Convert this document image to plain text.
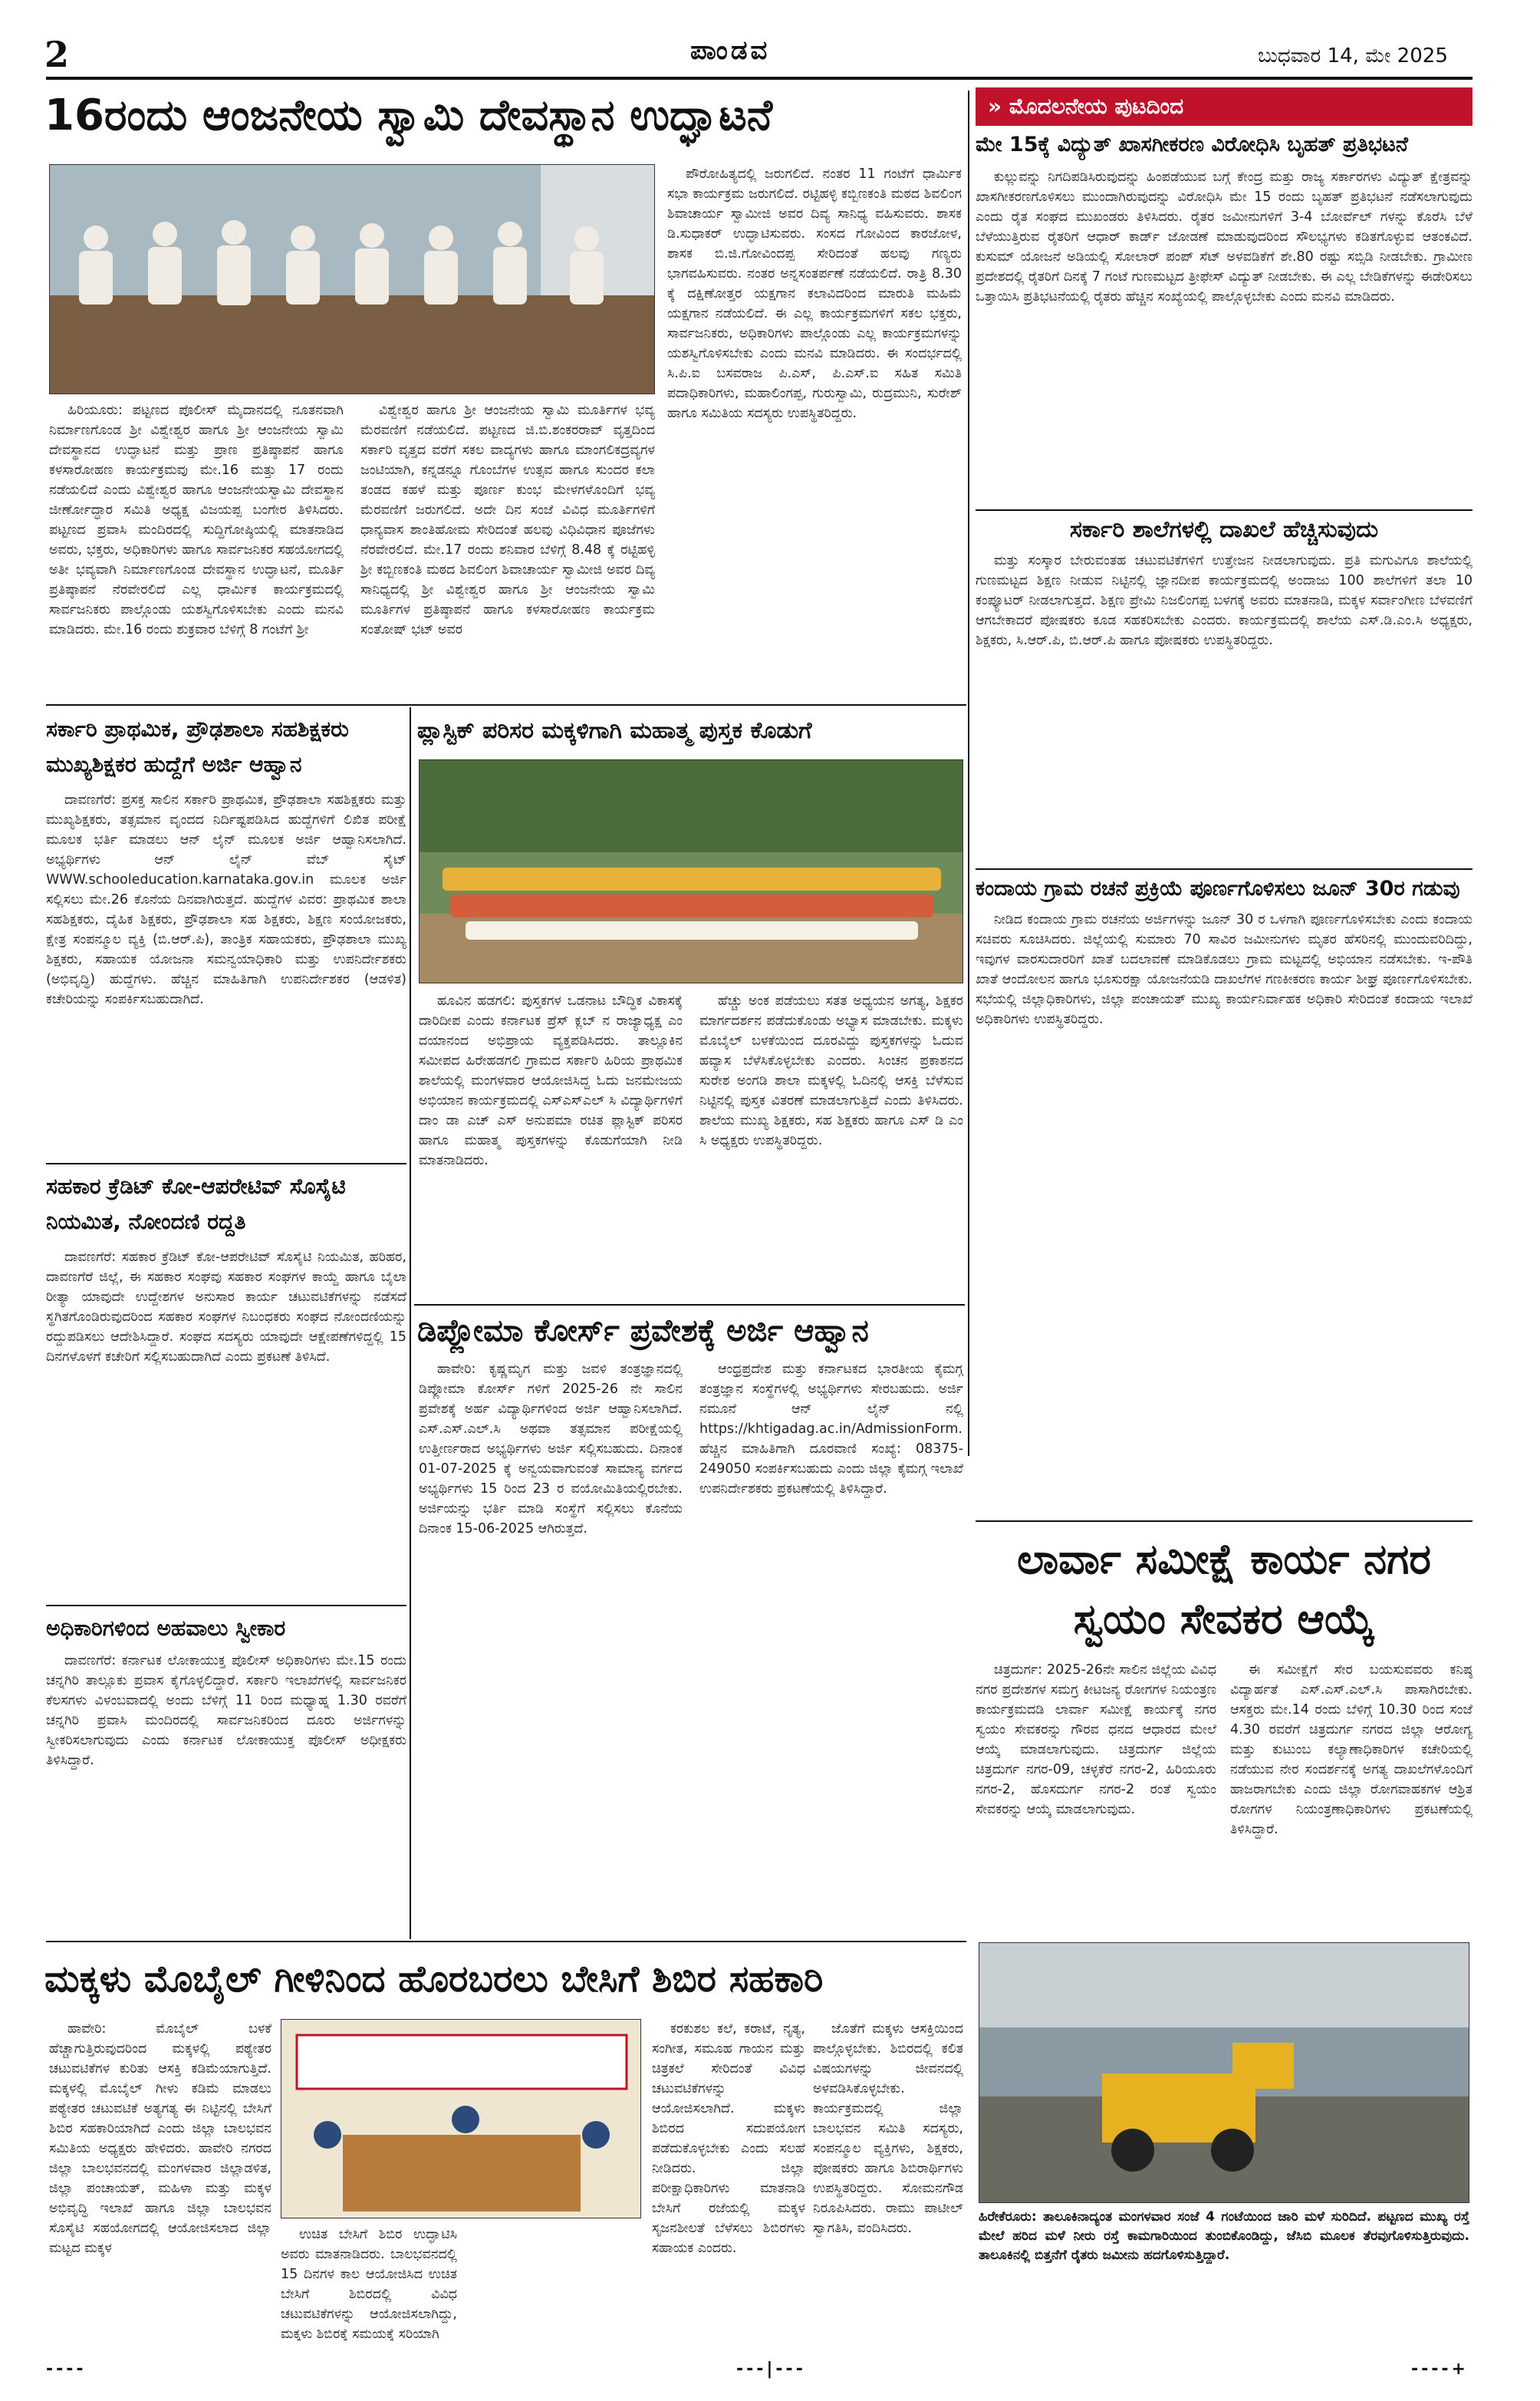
2	ಪಾಂಡವ	ಬುಧವಾರ 14, ಮೇ 2025
16ರಂದು ಆಂಜನೇಯ ಸ್ವಾಮಿ ದೇವಸ್ಥಾನ ಉದ್ಘಾಟನೆ

ಹಿರಿಯೂರು: ಪಟ್ಟಣದ ಪೊಲೀಸ್ ಮೈದಾನದಲ್ಲಿ ನೂತನವಾಗಿ ನಿರ್ಮಾಣಗೊಂಡ ಶ್ರೀ ವಿಶ್ವೇಶ್ವರ ಹಾಗೂ ಶ್ರೀ ಆಂಜನೇಯ ಸ್ವಾಮಿ ದೇವಸ್ಥಾನದ ಉದ್ಘಾಟನೆ ಮತ್ತು ಪ್ರಾಣ ಪ್ರತಿಷ್ಠಾಪನೆ ಹಾಗೂ ಕಳಸಾರೋಹಣ ಕಾರ್ಯಕ್ರಮವು ಮೇ.16 ಮತ್ತು 17 ರಂದು ನಡೆಯಲಿದೆ ಎಂದು ವಿಶ್ವೇಶ್ವರ ಹಾಗೂ ಆಂಜನೇಯಸ್ವಾಮಿ ದೇವಸ್ಥಾನ ಜೀರ್ಣೋದ್ಧಾರ ಸಮಿತಿ ಅಧ್ಯಕ್ಷ ವಿಜಯಪ್ಪ ಬಂಗೇರ ತಿಳಿಸಿದರು. ಪಟ್ಟಣದ ಪ್ರವಾಸಿ ಮಂದಿರದಲ್ಲಿ ಸುದ್ದಿಗೋಷ್ಠಿಯಲ್ಲಿ ಮಾತನಾಡಿದ ಅವರು, ಭಕ್ತರು, ಅಧಿಕಾರಿಗಳು ಹಾಗೂ ಸಾರ್ವಜನಿಕರ ಸಹಯೋಗದಲ್ಲಿ ಅತೀ ಭವ್ಯವಾಗಿ ನಿರ್ಮಾಣಗೊಂಡ ದೇವಸ್ಥಾನ ಉದ್ಘಾಟನೆ, ಮೂರ್ತಿ ಪ್ರತಿಷ್ಠಾಪನೆ ನೆರವೇರಲಿದೆ ಎಲ್ಲ ಧಾರ್ಮಿಕ ಕಾರ್ಯಕ್ರಮದಲ್ಲಿ ಸಾರ್ವಜನಿಕರು ಪಾಲ್ಗೊಂಡು ಯಶಸ್ವಿಗೊಳಿಸಬೇಕು ಎಂದು ಮನವಿ ಮಾಡಿದರು. ಮೇ.16 ರಂದು ಶುಕ್ರವಾರ ಬೆಳಿಗ್ಗೆ 8 ಗಂಟೆಗೆ ಶ್ರೀ

ವಿಶ್ವೇಶ್ವರ ಹಾಗೂ ಶ್ರೀ ಆಂಜನೇಯ ಸ್ವಾಮಿ ಮೂರ್ತಿಗಳ ಭವ್ಯ ಮೆರವಣಿಗೆ ನಡೆಯಲಿದೆ. ಪಟ್ಟಣದ ಜಿ.ಬಿ.ಶಂಕರರಾವ್ ವೃತ್ತದಿಂದ ಸರ್ಕಾರಿ ವೃತ್ತದ ವರೆಗೆ ಸಕಲ ವಾದ್ಯಗಳು ಹಾಗೂ ಮಾಂಗಲಿಕದ್ರವ್ಯಗಳ ಜಂಟಿಯಾಗಿ, ಕನ್ನಡನ್ನೂ ಗೊಂಬೆಗಳ ಉತ್ಸವ ಹಾಗೂ ಸುಂದರ ಕಲಾ ತಂಡದ ಕಹಳೆ ಮತ್ತು ಪೂರ್ಣ ಕುಂಭ ಮೇಳಗಳೊಂದಿಗೆ ಭವ್ಯ ಮೆರವಣಿಗೆ ಜರುಗಲಿದೆ. ಅದೇ ದಿನ ಸಂಜೆ ವಿವಿಧ ಮೂರ್ತಿಗಳಿಗೆ ಧಾನ್ಯವಾಸ ಶಾಂತಿಹೋಮ ಸೇರಿದಂತೆ ಹಲವು ವಿಧಿವಿಧಾನ ಪೂಜೆಗಳು ನೆರವೇರಲಿದೆ. ಮೇ.17 ರಂದು ಶನಿವಾರ ಬೆಳಿಗ್ಗೆ 8.48 ಕ್ಕೆ ರಟ್ಟಿಹಳ್ಳಿ ಶ್ರೀ ಕಬ್ಬಿಣಕಂತಿ ಮಠದ ಶಿವಲಿಂಗ ಶಿವಾಚಾರ್ಯ ಸ್ವಾಮೀಜಿ ಅವರ ದಿವ್ಯ ಸಾನಿಧ್ಯದಲ್ಲಿ ಶ್ರೀ ವಿಶ್ವೇಶ್ವರ ಹಾಗೂ ಶ್ರೀ ಆಂಜನೇಯ ಸ್ವಾಮಿ ಮೂರ್ತಿಗಳ ಪ್ರತಿಷ್ಠಾಪನೆ ಹಾಗೂ ಕಳಸಾರೋಹಣ ಕಾರ್ಯಕ್ರಮ ಸಂತೋಷ್ ಭಟ್ ಅವರ

ಪೌರೋಹಿತ್ಯದಲ್ಲಿ ಜರುಗಲಿದೆ. ನಂತರ 11 ಗಂಟೆಗೆ ಧಾರ್ಮಿಕ ಸಭಾ ಕಾರ್ಯಕ್ರಮ ಜರುಗಲಿದೆ. ರಟ್ಟಿಹಳ್ಳಿ ಕಬ್ಬಿಣಕಂತಿ ಮಠದ ಶಿವಲಿಂಗ ಶಿವಾಚಾರ್ಯ ಸ್ವಾಮೀಜಿ ಅವರ ದಿವ್ಯ ಸಾನಿಧ್ಯ ವಹಿಸುವರು. ಶಾಸಕ ಡಿ.ಸುಧಾಕರ್ ಉದ್ಘಾಟಿಸುವರು. ಸಂಸದ ಗೋವಿಂದ ಕಾರಜೋಳ, ಶಾಸಕ ಬಿ.ಜಿ.ಗೋವಿಂದಪ್ಪ ಸೇರಿದಂತೆ ಹಲವು ಗಣ್ಯರು ಭಾಗವಹಿಸುವರು. ನಂತರ ಅನ್ನಸಂತರ್ಪಣೆ ನಡೆಯಲಿದೆ. ರಾತ್ರಿ 8.30 ಕ್ಕೆ ದಕ್ಷಿಣೋತ್ತರ ಯಕ್ಷಗಾನ ಕಲಾವಿದರಿಂದ ಮಾರುತಿ ಮಹಿಮೆ ಯಕ್ಷಗಾನ ನಡೆಯಲಿದೆ. ಈ ಎಲ್ಲ ಕಾರ್ಯಕ್ರಮಗಳಿಗೆ ಸಕಲ ಭಕ್ತರು, ಸಾರ್ವಜನಿಕರು, ಅಧಿಕಾರಿಗಳು ಪಾಲ್ಗೊಂಡು ಎಲ್ಲ ಕಾರ್ಯಕ್ರಮಗಳನ್ನು ಯಶಸ್ವಿಗೊಳಿಸಬೇಕು ಎಂದು ಮನವಿ ಮಾಡಿದರು. ಈ ಸಂದರ್ಭದಲ್ಲಿ ಸಿ.ಪಿ.ಐ ಬಸವರಾಜ ಪಿ.ಎಸ್, ಪಿ.ಎಸ್.ಐ ಸಹಿತ ಸಮಿತಿ ಪದಾಧಿಕಾರಿಗಳು, ಮಹಾಲಿಂಗಪ್ಪ, ಗುರುಸ್ವಾಮಿ, ರುದ್ರಮುನಿ, ಸುರೇಶ್ ಹಾಗೂ ಸಮಿತಿಯ ಸದಸ್ಯರು ಉಪಸ್ಥಿತರಿದ್ದರು.

ಸರ್ಕಾರಿ ಪ್ರಾಥಮಿಕ, ಪ್ರೌಢಶಾಲಾ ಸಹಶಿಕ್ಷಕರು ಮುಖ್ಯಶಿಕ್ಷಕರ ಹುದ್ದೆಗೆ ಅರ್ಜಿ ಆಹ್ವಾನ

ದಾವಣಗೆರೆ: ಪ್ರಸಕ್ತ ಸಾಲಿನ ಸರ್ಕಾರಿ ಪ್ರಾಥಮಿಕ, ಪ್ರೌಢಶಾಲಾ ಸಹಶಿಕ್ಷಕರು ಮತ್ತು ಮುಖ್ಯಶಿಕ್ಷಕರು, ತತ್ಸಮಾನ ವೃಂದದ ನಿರ್ದಿಷ್ಟಪಡಿಸಿದ ಹುದ್ದೆಗಳಿಗೆ ಲಿಖಿತ ಪರೀಕ್ಷೆ ಮೂಲಕ ಭರ್ತಿ ಮಾಡಲು ಆನ್ ಲೈನ್ ಮೂಲಕ ಅರ್ಜಿ ಆಹ್ವಾನಿಸಲಾಗಿದೆ. ಅಭ್ಯರ್ಥಿಗಳು ಆನ್ ಲೈನ್ ವೆಬ್ ಸೈಟ್ WWW.schooleducation.karnataka.gov.in ಮೂಲಕ ಅರ್ಜಿ ಸಲ್ಲಿಸಲು ಮೇ.26 ಕೊನೆಯ ದಿನವಾಗಿರುತ್ತದೆ. ಹುದ್ದೆಗಳ ವಿವರ: ಪ್ರಾಥಮಿಕ ಶಾಲಾ ಸಹಶಿಕ್ಷಕರು, ದೈಹಿಕ ಶಿಕ್ಷಕರು, ಪ್ರೌಢಶಾಲಾ ಸಹ ಶಿಕ್ಷಕರು, ಶಿಕ್ಷಣ ಸಂಯೋಜಕರು, ಕ್ಷೇತ್ರ ಸಂಪನ್ಮೂಲ ವ್ಯಕ್ತಿ (ಬಿ.ಆರ್.ಪಿ), ತಾಂತ್ರಿಕ ಸಹಾಯಕರು, ಪ್ರೌಢಶಾಲಾ ಮುಖ್ಯ ಶಿಕ್ಷಕರು, ಸಹಾಯಕ ಯೋಜನಾ ಸಮನ್ವಯಾಧಿಕಾರಿ ಮತ್ತು ಉಪನಿರ್ದೇಶಕರು (ಅಭಿವೃದ್ಧಿ) ಹುದ್ದೆಗಳು. ಹೆಚ್ಚಿನ ಮಾಹಿತಿಗಾಗಿ ಉಪನಿರ್ದೇಶಕರ (ಆಡಳಿತ) ಕಚೇರಿಯನ್ನು ಸಂಪರ್ಕಿಸಬಹುದಾಗಿದೆ.

ಸಹಕಾರ ಕ್ರೆಡಿಟ್ ಕೋ-ಆಪರೇಟಿವ್ ಸೊಸೈಟಿ ನಿಯಮಿತ, ನೋಂದಣಿ ರದ್ದತಿ

ದಾವಣಗೆರೆ: ಸಹಕಾರ ಕ್ರೆಡಿಟ್ ಕೋ-ಆಪರೇಟಿವ್ ಸೊಸೈಟಿ ನಿಯಮಿತ, ಹರಿಹರ, ದಾವಣಗೆರೆ ಜಿಲ್ಲೆ, ಈ ಸಹಕಾರ ಸಂಘವು ಸಹಕಾರ ಸಂಘಗಳ ಕಾಯ್ದೆ ಹಾಗೂ ಬೈಲಾ ರೀತ್ಯಾ ಯಾವುದೇ ಉದ್ದೇಶಗಳ ಅನುಸಾರ ಕಾರ್ಯ ಚಟುವಟಿಕೆಗಳನ್ನು ನಡೆಸದೆ ಸ್ಥಗಿತಗೊಂಡಿರುವುದರಿಂದ ಸಹಕಾರ ಸಂಘಗಳ ನಿಬಂಧಕರು ಸಂಘದ ನೋಂದಣಿಯನ್ನು ರದ್ದುಪಡಿಸಲು ಆದೇಶಿಸಿದ್ದಾರೆ. ಸಂಘದ ಸದಸ್ಯರು ಯಾವುದೇ ಆಕ್ಷೇಪಣೆಗಳಿದ್ದಲ್ಲಿ 15 ದಿನಗಳೊಳಗೆ ಕಚೇರಿಗೆ ಸಲ್ಲಿಸಬಹುದಾಗಿದೆ ಎಂದು ಪ್ರಕಟಣೆ ತಿಳಿಸಿದೆ.

ಅಧಿಕಾರಿಗಳಿಂದ ಅಹವಾಲು ಸ್ವೀಕಾರ

ದಾವಣಗೆರೆ: ಕರ್ನಾಟಕ ಲೋಕಾಯುಕ್ತ ಪೊಲೀಸ್ ಅಧಿಕಾರಿಗಳು ಮೇ.15 ರಂದು ಚನ್ನಗಿರಿ ತಾಲ್ಲೂಕು ಪ್ರವಾಸ ಕೈಗೊಳ್ಳಲಿದ್ದಾರೆ. ಸರ್ಕಾರಿ ಇಲಾಖೆಗಳಲ್ಲಿ ಸಾರ್ವಜನಿಕರ ಕೆಲಸಗಳು ವಿಳಂಬವಾದಲ್ಲಿ ಅಂದು ಬೆಳಿಗ್ಗೆ 11 ರಿಂದ ಮಧ್ಯಾಹ್ನ 1.30 ರವರೆಗೆ ಚನ್ನಗಿರಿ ಪ್ರವಾಸಿ ಮಂದಿರದಲ್ಲಿ ಸಾರ್ವಜನಿಕರಿಂದ ದೂರು ಅರ್ಜಿಗಳನ್ನು ಸ್ವೀಕರಿಸಲಾಗುವುದು ಎಂದು ಕರ್ನಾಟಕ ಲೋಕಾಯುಕ್ತ ಪೊಲೀಸ್ ಅಧೀಕ್ಷಕರು ತಿಳಿಸಿದ್ದಾರೆ.

ಪ್ಲಾಸ್ಟಿಕ್ ಪರಿಸರ ಮಕ್ಕಳಿಗಾಗಿ ಮಹಾತ್ಮ ಪುಸ್ತಕ ಕೊಡುಗೆ

ಹೂವಿನ ಹಡಗಲಿ: ಪುಸ್ತಕಗಳ ಒಡನಾಟ ಬೌದ್ಧಿಕ ವಿಕಾಸಕ್ಕೆ ದಾರಿದೀಪ ಎಂದು ಕರ್ನಾಟಕ ಪ್ರೆಸ್ ಕ್ಲಬ್ ನ ರಾಜ್ಯಾಧ್ಯಕ್ಷ ಎಂ ದಯಾನಂದ ಅಭಿಪ್ರಾಯ ವ್ಯಕ್ತಪಡಿಸಿದರು. ತಾಲ್ಲೂಕಿನ ಸಮೀಪದ ಹಿರೇಹಡಗಲಿ ಗ್ರಾಮದ ಸರ್ಕಾರಿ ಹಿರಿಯ ಪ್ರಾಥಮಿಕ ಶಾಲೆಯಲ್ಲಿ ಮಂಗಳವಾರ ಆಯೋಜಿಸಿದ್ದ ಓದು ಜನಮೇಜಯ ಅಭಿಯಾನ ಕಾರ್ಯಕ್ರಮದಲ್ಲಿ ಎಸ್ಎಸ್ಎಲ್ ಸಿ ವಿದ್ಯಾರ್ಥಿಗಳಿಗೆ ದಾಂ ಡಾ ಎಚ್ ಎಸ್ ಅನುಪಮಾ ರಚಿತ ಪ್ಲಾಸ್ಟಿಕ್ ಪರಿಸರ ಹಾಗೂ ಮಹಾತ್ಮ ಪುಸ್ತಕಗಳನ್ನು ಕೊಡುಗೆಯಾಗಿ ನೀಡಿ ಮಾತನಾಡಿದರು.

ಹೆಚ್ಚು ಅಂಕ ಪಡೆಯಲು ಸತತ ಅಧ್ಯಯನ ಅಗತ್ಯ, ಶಿಕ್ಷಕರ ಮಾರ್ಗದರ್ಶನ ಪಡೆದುಕೊಂಡು ಅಭ್ಯಾಸ ಮಾಡಬೇಕು. ಮಕ್ಕಳು ಮೊಬೈಲ್ ಬಳಕೆಯಿಂದ ದೂರವಿದ್ದು ಪುಸ್ತಕಗಳನ್ನು ಓದುವ ಹವ್ಯಾಸ ಬೆಳೆಸಿಕೊಳ್ಳಬೇಕು ಎಂದರು. ಸಿಂಚನ ಪ್ರಕಾಶನದ ಸುರೇಶ ಅಂಗಡಿ ಶಾಲಾ ಮಕ್ಕಳಲ್ಲಿ ಓದಿನಲ್ಲಿ ಆಸಕ್ತಿ ಬೆಳೆಸುವ ನಿಟ್ಟಿನಲ್ಲಿ ಪುಸ್ತಕ ವಿತರಣೆ ಮಾಡಲಾಗುತ್ತಿದೆ ಎಂದು ತಿಳಿಸಿದರು. ಶಾಲೆಯ ಮುಖ್ಯ ಶಿಕ್ಷಕರು, ಸಹ ಶಿಕ್ಷಕರು ಹಾಗೂ ಎಸ್ ಡಿ ಎಂ ಸಿ ಅಧ್ಯಕ್ಷರು ಉಪಸ್ಥಿತರಿದ್ದರು.

ಡಿಪ್ಲೋಮಾ ಕೋರ್ಸ್ ಪ್ರವೇಶಕ್ಕೆ ಅರ್ಜಿ ಆಹ್ವಾನ

ಹಾವೇರಿ: ಕೃಷ್ಣಮೃಗ ಮತ್ತು ಜವಳಿ ತಂತ್ರಜ್ಞಾನದಲ್ಲಿ ಡಿಪ್ಲೋಮಾ ಕೋರ್ಸ್ ಗಳಿಗೆ 2025-26 ನೇ ಸಾಲಿನ ಪ್ರವೇಶಕ್ಕೆ ಅರ್ಹ ವಿದ್ಯಾರ್ಥಿಗಳಿಂದ ಅರ್ಜಿ ಆಹ್ವಾನಿಸಲಾಗಿದೆ. ಎಸ್.ಎಸ್.ಎಲ್.ಸಿ ಅಥವಾ ತತ್ಸಮಾನ ಪರೀಕ್ಷೆಯಲ್ಲಿ ಉತ್ತೀರ್ಣರಾದ ಅಭ್ಯರ್ಥಿಗಳು ಅರ್ಜಿ ಸಲ್ಲಿಸಬಹುದು. ದಿನಾಂಕ 01-07-2025 ಕ್ಕೆ ಅನ್ವಯವಾಗುವಂತೆ ಸಾಮಾನ್ಯ ವರ್ಗದ ಅಭ್ಯರ್ಥಿಗಳು 15 ರಿಂದ 23 ರ ವಯೋಮಿತಿಯಲ್ಲಿರಬೇಕು. ಅರ್ಜಿಯನ್ನು ಭರ್ತಿ ಮಾಡಿ ಸಂಸ್ಥೆಗೆ ಸಲ್ಲಿಸಲು ಕೊನೆಯ ದಿನಾಂಕ 15-06-2025 ಆಗಿರುತ್ತದೆ.

ಆಂಧ್ರಪ್ರದೇಶ ಮತ್ತು ಕರ್ನಾಟಕದ ಭಾರತೀಯ ಕೈಮಗ್ಗ ತಂತ್ರಜ್ಞಾನ ಸಂಸ್ಥೆಗಳಲ್ಲಿ ಅಭ್ಯರ್ಥಿಗಳು ಸೇರಬಹುದು. ಅರ್ಜಿ ನಮೂನೆ ಆನ್ ಲೈನ್ ನಲ್ಲಿ https://khtigadag.ac.in/AdmissionForm. ಹೆಚ್ಚಿನ ಮಾಹಿತಿಗಾಗಿ ದೂರವಾಣಿ ಸಂಖ್ಯೆ: 08375-249050 ಸಂಪರ್ಕಿಸಬಹುದು ಎಂದು ಜಿಲ್ಲಾ ಕೈಮಗ್ಗ ಇಲಾಖೆ ಉಪನಿರ್ದೇಶಕರು ಪ್ರಕಟಣೆಯಲ್ಲಿ ತಿಳಿಸಿದ್ದಾರೆ.

» ಮೊದಲನೇಯ ಪುಟದಿಂದ
ಮೇ 15ಕ್ಕೆ ವಿದ್ಯುತ್ ಖಾಸಗೀಕರಣ ವಿರೋಧಿಸಿ ಬೃಹತ್ ಪ್ರತಿಭಟನೆ

ಕುಲ್ಲುವನ್ನು ನಿಗದಿಪಡಿಸಿರುವುದನ್ನು ಹಿಂಪಡೆಯುವ ಬಗ್ಗೆ ಕೇಂದ್ರ ಮತ್ತು ರಾಜ್ಯ ಸರ್ಕಾರಗಳು ವಿದ್ಯುತ್ ಕ್ಷೇತ್ರವನ್ನು ಖಾಸಗೀಕರಣಗೊಳಿಸಲು ಮುಂದಾಗಿರುವುದನ್ನು ವಿರೋಧಿಸಿ ಮೇ 15 ರಂದು ಬೃಹತ್ ಪ್ರತಿಭಟನೆ ನಡೆಸಲಾಗುವುದು ಎಂದು ರೈತ ಸಂಘದ ಮುಖಂಡರು ತಿಳಿಸಿದರು. ರೈತರ ಜಮೀನುಗಳಿಗೆ 3-4 ಬೋರ್ವೆಲ್ ಗಳನ್ನು ಕೊರೆಸಿ ಬೆಳೆ ಬೆಳೆಯುತ್ತಿರುವ ರೈತರಿಗೆ ಆಧಾರ್ ಕಾರ್ಡ್ ಜೋಡಣೆ ಮಾಡುವುದರಿಂದ ಸೌಲಭ್ಯಗಳು ಕಡಿತಗೊಳ್ಳುವ ಆತಂಕವಿದೆ. ಕುಸುಮ್ ಯೋಜನೆ ಅಡಿಯಲ್ಲಿ ಸೋಲಾರ್ ಪಂಪ್ ಸೆಟ್ ಅಳವಡಿಕೆಗೆ ಶೇ.80 ರಷ್ಟು ಸಬ್ಸಿಡಿ ನೀಡಬೇಕು. ಗ್ರಾಮೀಣ ಪ್ರದೇಶದಲ್ಲಿ ರೈತರಿಗೆ ದಿನಕ್ಕೆ 7 ಗಂಟೆ ಗುಣಮಟ್ಟದ ತ್ರೀಫೇಸ್ ವಿದ್ಯುತ್ ನೀಡಬೇಕು. ಈ ಎಲ್ಲ ಬೇಡಿಕೆಗಳನ್ನು ಈಡೇರಿಸಲು ಒತ್ತಾಯಿಸಿ ಪ್ರತಿಭಟನೆಯಲ್ಲಿ ರೈತರು ಹೆಚ್ಚಿನ ಸಂಖ್ಯೆಯಲ್ಲಿ ಪಾಲ್ಗೊಳ್ಳಬೇಕು ಎಂದು ಮನವಿ ಮಾಡಿದರು.

ಸರ್ಕಾರಿ ಶಾಲೆಗಳಲ್ಲಿ ದಾಖಲೆ ಹೆಚ್ಚಿಸುವುದು

ಮತ್ತು ಸಂಸ್ಕಾರ ಬೇರುವಂತಹ ಚಟುವಟಿಕೆಗಳಿಗೆ ಉತ್ತೇಜನ ನೀಡಲಾಗುವುದು. ಪ್ರತಿ ಮಗುವಿಗೂ ಶಾಲೆಯಲ್ಲಿ ಗುಣಮಟ್ಟದ ಶಿಕ್ಷಣ ನೀಡುವ ನಿಟ್ಟಿನಲ್ಲಿ ಜ್ಞಾನದೀಪ ಕಾರ್ಯಕ್ರಮದಲ್ಲಿ ಅಂದಾಜು 100 ಶಾಲೆಗಳಿಗೆ ತಲಾ 10 ಕಂಪ್ಯೂಟರ್ ನೀಡಲಾಗುತ್ತದೆ. ಶಿಕ್ಷಣ ಪ್ರೇಮಿ ನಿಜಲಿಂಗಪ್ಪ ಬಳಗಕ್ಕೆ ಅವರು ಮಾತನಾಡಿ, ಮಕ್ಕಳ ಸರ್ವಾಂಗೀಣ ಬೆಳವಣಿಗೆ ಆಗಬೇಕಾದರೆ ಪೋಷಕರು ಕೂಡ ಸಹಕರಿಸಬೇಕು ಎಂದರು. ಕಾರ್ಯಕ್ರಮದಲ್ಲಿ ಶಾಲೆಯ ಎಸ್.ಡಿ.ಎಂ.ಸಿ ಅಧ್ಯಕ್ಷರು, ಶಿಕ್ಷಕರು, ಸಿ.ಆರ್.ಪಿ, ಬಿ.ಆರ್.ಪಿ ಹಾಗೂ ಪೋಷಕರು ಉಪಸ್ಥಿತರಿದ್ದರು.

ಕಂದಾಯ ಗ್ರಾಮ ರಚನೆ ಪ್ರಕ್ರಿಯೆ ಪೂರ್ಣಗೊಳಿಸಲು ಜೂನ್ 30ರ ಗಡುವು

ನೀಡಿದ ಕಂದಾಯ ಗ್ರಾಮ ರಚನೆಯ ಅರ್ಜಿಗಳನ್ನು ಜೂನ್ 30 ರ ಒಳಗಾಗಿ ಪೂರ್ಣಗೊಳಿಸಬೇಕು ಎಂದು ಕಂದಾಯ ಸಚಿವರು ಸೂಚಿಸಿದರು. ಜಿಲ್ಲೆಯಲ್ಲಿ ಸುಮಾರು 70 ಸಾವಿರ ಜಮೀನುಗಳು ಮೃತರ ಹೆಸರಿನಲ್ಲಿ ಮುಂದುವರಿದಿದ್ದು, ಇವುಗಳ ವಾರಸುದಾರರಿಗೆ ಖಾತೆ ಬದಲಾವಣೆ ಮಾಡಿಕೊಡಲು ಗ್ರಾಮ ಮಟ್ಟದಲ್ಲಿ ಅಭಿಯಾನ ನಡೆಸಬೇಕು. ಇ-ಪೌತಿ ಖಾತೆ ಆಂದೋಲನ ಹಾಗೂ ಭೂಸುರಕ್ಷಾ ಯೋಜನೆಯಡಿ ದಾಖಲೆಗಳ ಗಣಕೀಕರಣ ಕಾರ್ಯ ಶೀಘ್ರ ಪೂರ್ಣಗೊಳಿಸಬೇಕು. ಸಭೆಯಲ್ಲಿ ಜಿಲ್ಲಾಧಿಕಾರಿಗಳು, ಜಿಲ್ಲಾ ಪಂಚಾಯತ್ ಮುಖ್ಯ ಕಾರ್ಯನಿರ್ವಾಹಕ ಅಧಿಕಾರಿ ಸೇರಿದಂತೆ ಕಂದಾಯ ಇಲಾಖೆ ಅಧಿಕಾರಿಗಳು ಉಪಸ್ಥಿತರಿದ್ದರು.

ಲಾರ್ವಾ ಸಮೀಕ್ಷೆ ಕಾರ್ಯ ನಗರ ಸ್ವಯಂ ಸೇವಕರ ಆಯ್ಕೆ

ಚಿತ್ರದುರ್ಗ: 2025-26ನೇ ಸಾಲಿನ ಜಿಲ್ಲೆಯ ವಿವಿಧ ನಗರ ಪ್ರದೇಶಗಳ ಸಮಗ್ರ ಕೀಟಜನ್ಯ ರೋಗಗಳ ನಿಯಂತ್ರಣ ಕಾರ್ಯಕ್ರಮದಡಿ ಲಾರ್ವಾ ಸಮೀಕ್ಷೆ ಕಾರ್ಯಕ್ಕೆ ನಗರ ಸ್ವಯಂ ಸೇವಕರನ್ನು ಗೌರವ ಧನದ ಆಧಾರದ ಮೇಲೆ ಆಯ್ಕೆ ಮಾಡಲಾಗುವುದು. ಚಿತ್ರದುರ್ಗ ಜಿಲ್ಲೆಯ ಚಿತ್ರದುರ್ಗ ನಗರ-09, ಚಳ್ಳಕೆರೆ ನಗರ-2, ಹಿರಿಯೂರು ನಗರ-2, ಹೊಸದುರ್ಗ ನಗರ-2 ರಂತೆ ಸ್ವಯಂ ಸೇವಕರನ್ನು ಆಯ್ಕೆ ಮಾಡಲಾಗುವುದು.

ಈ ಸಮೀಕ್ಷೆಗೆ ಸೇರ ಬಯಸುವವರು ಕನಿಷ್ಠ ವಿದ್ಯಾರ್ಹತೆ ಎಸ್.ಎಸ್.ಎಲ್.ಸಿ ಪಾಸಾಗಿರಬೇಕು. ಆಸಕ್ತರು ಮೇ.14 ರಂದು ಬೆಳಿಗ್ಗೆ 10.30 ರಿಂದ ಸಂಜೆ 4.30 ರವರೆಗೆ ಚಿತ್ರದುರ್ಗ ನಗರದ ಜಿಲ್ಲಾ ಆರೋಗ್ಯ ಮತ್ತು ಕುಟುಂಬ ಕಲ್ಯಾಣಾಧಿಕಾರಿಗಳ ಕಚೇರಿಯಲ್ಲಿ ನಡೆಯುವ ನೇರ ಸಂದರ್ಶನಕ್ಕೆ ಅಗತ್ಯ ದಾಖಲೆಗಳೊಂದಿಗೆ ಹಾಜರಾಗಬೇಕು ಎಂದು ಜಿಲ್ಲಾ ರೋಗವಾಹಕಗಳ ಆಶ್ರಿತ ರೋಗಗಳ ನಿಯಂತ್ರಣಾಧಿಕಾರಿಗಳು ಪ್ರಕಟಣೆಯಲ್ಲಿ ತಿಳಿಸಿದ್ದಾರೆ.

ಹಿರೇಕೆರೂರು: ತಾಲೂಕಿನಾದ್ಯಂತ ಮಂಗಳವಾರ ಸಂಜೆ 4 ಗಂಟೆಯಿಂದ ಜಾರಿ ಮಳೆ ಸುರಿದಿದೆ. ಪಟ್ಟಣದ ಮುಖ್ಯ ರಸ್ತೆ ಮೇಲೆ ಹರಿದ ಮಳೆ ನೀರು ರಸ್ತೆ ಕಾಮಗಾರಿಯಿಂದ ತುಂಬಿಕೊಂಡಿದ್ದು, ಜೆಸಿಬಿ ಮೂಲಕ ತೆರವುಗೊಳಿಸುತ್ತಿರುವುದು. ತಾಲೂಕಿನಲ್ಲಿ ಬಿತ್ತನೆಗೆ ರೈತರು ಜಮೀನು ಹದಗೊಳಿಸುತ್ತಿದ್ದಾರೆ.
ಮಕ್ಕಳು ಮೊಬೈಲ್ ಗೀಳಿನಿಂದ ಹೊರಬರಲು ಬೇಸಿಗೆ ಶಿಬಿರ ಸಹಕಾರಿ

ಹಾವೇರಿ: ಮೊಬೈಲ್ ಬಳಕೆ ಹೆಚ್ಚಾಗುತ್ತಿರುವುದರಿಂದ ಮಕ್ಕಳಲ್ಲಿ ಪಠ್ಯೇತರ ಚಟುವಟಿಕೆಗಳ ಕುರಿತು ಆಸಕ್ತಿ ಕಡಿಮೆಯಾಗುತ್ತಿದೆ. ಮಕ್ಕಳಲ್ಲಿ ಮೊಬೈಲ್ ಗೀಳು ಕಡಿಮೆ ಮಾಡಲು ಪಠ್ಯೇತರ ಚಟುವಟಿಕೆ ಅತ್ಯಗತ್ಯ ಈ ನಿಟ್ಟಿನಲ್ಲಿ ಬೇಸಿಗೆ ಶಿಬಿರ ಸಹಕಾರಿಯಾಗಿದೆ ಎಂದು ಜಿಲ್ಲಾ ಬಾಲಭವನ ಸಮಿತಿಯ ಅಧ್ಯಕ್ಷರು ಹೇಳಿದರು. ಹಾವೇರಿ ನಗರದ ಜಿಲ್ಲಾ ಬಾಲಭವನದಲ್ಲಿ ಮಂಗಳವಾರ ಜಿಲ್ಲಾಡಳಿತ, ಜಿಲ್ಲಾ ಪಂಚಾಯತ್, ಮಹಿಳಾ ಮತ್ತು ಮಕ್ಕಳ ಅಭಿವೃದ್ಧಿ ಇಲಾಖೆ ಹಾಗೂ ಜಿಲ್ಲಾ ಬಾಲಭವನ ಸೊಸೈಟಿ ಸಹಯೋಗದಲ್ಲಿ ಆಯೋಜಿಸಲಾದ ಜಿಲ್ಲಾ ಮಟ್ಟದ ಮಕ್ಕಳ

ಉಚಿತ ಬೇಸಿಗೆ ಶಿಬಿರ ಉದ್ಘಾಟಿಸಿ ಅವರು ಮಾತನಾಡಿದರು. ಬಾಲಭವನದಲ್ಲಿ 15 ದಿನಗಳ ಕಾಲ ಆಯೋಜಿಸಿದ ಉಚಿತ ಬೇಸಿಗೆ ಶಿಬಿರದಲ್ಲಿ ವಿವಿಧ ಚಟುವಟಿಕೆಗಳನ್ನು ಆಯೋಜಿಸಲಾಗಿದ್ದು, ಮಕ್ಕಳು ಶಿಬಿರಕ್ಕೆ ಸಮಯಕ್ಕೆ ಸರಿಯಾಗಿ

ಕರಕುಶಲ ಕಲೆ, ಕರಾಟೆ, ನೃತ್ಯ, ಸಂಗೀತ, ಸಮೂಹ ಗಾಯನ ಮತ್ತು ಚಿತ್ರಕಲೆ ಸೇರಿದಂತೆ ವಿವಿಧ ಚಟುವಟಿಕೆಗಳನ್ನು ಆಯೋಜಿಸಲಾಗಿದೆ. ಮಕ್ಕಳು ಶಿಬಿರದ ಸದುಪಯೋಗ ಪಡೆದುಕೊಳ್ಳಬೇಕು ಎಂದು ಸಲಹೆ ನೀಡಿದರು. ಜಿಲ್ಲಾ ಪರೀಕ್ಷಾಧಿಕಾರಿಗಳು ಮಾತನಾಡಿ ಬೇಸಿಗೆ ರಜೆಯಲ್ಲಿ ಮಕ್ಕಳ ಸೃಜನಶೀಲತೆ ಬೆಳೆಸಲು ಶಿಬಿರಗಳು ಸಹಾಯಕ ಎಂದರು.

ಜೊತೆಗೆ ಮಕ್ಕಳು ಆಸಕ್ತಿಯಿಂದ ಪಾಲ್ಗೊಳ್ಳಬೇಕು. ಶಿಬಿರದಲ್ಲಿ ಕಲಿತ ವಿಷಯಗಳನ್ನು ಜೀವನದಲ್ಲಿ ಅಳವಡಿಸಿಕೊಳ್ಳಬೇಕು. ಕಾರ್ಯಕ್ರಮದಲ್ಲಿ ಜಿಲ್ಲಾ ಬಾಲಭವನ ಸಮಿತಿ ಸದಸ್ಯರು, ಸಂಪನ್ಮೂಲ ವ್ಯಕ್ತಿಗಳು, ಶಿಕ್ಷಕರು, ಪೋಷಕರು ಹಾಗೂ ಶಿಬಿರಾರ್ಥಿಗಳು ಉಪಸ್ಥಿತರಿದ್ದರು. ಸೋಮನಗೌಡ ನಿರೂಪಿಸಿದರು. ರಾಮು ಪಾಟೀಲ್ ಸ್ವಾಗತಿಸಿ, ವಂದಿಸಿದರು.

----	---|---	----+
